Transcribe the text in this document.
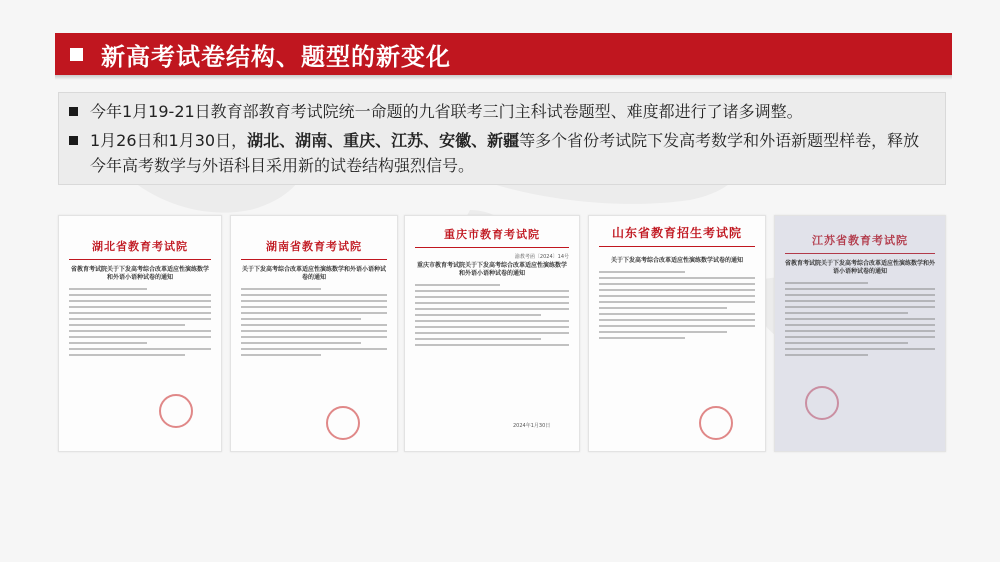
新高考试卷结构、题型的新变化
今年1月19-21日教育部教育考试院统一命题的九省联考三门主科试卷题型、难度都进行了诸多调整。
1月26日和1月30日，湖北、湖南、重庆、江苏、安徽、新疆等多个省份考试院下发高考数学和外语新题型样卷，释放今年高考数学与外语科目采用新的试卷结构强烈信号。
湖北省教育考试院
省教育考试院关于下发高考综合改革适应性演练数学和外语小语种试卷的通知
湖南省教育考试院
关于下发高考综合改革适应性演练数学和外语小语种试卷的通知
重庆市教育考试院
渝教考函〔2024〕14号
重庆市教育考试院关于下发高考综合改革适应性演练数学和外语小语种试卷的通知
2024年1月30日
山东省教育招生考试院
关于下发高考综合改革适应性演练数学试卷的通知
江苏省教育考试院
省教育考试院关于下发高考综合改革适应性演练数学和外语小语种试卷的通知
